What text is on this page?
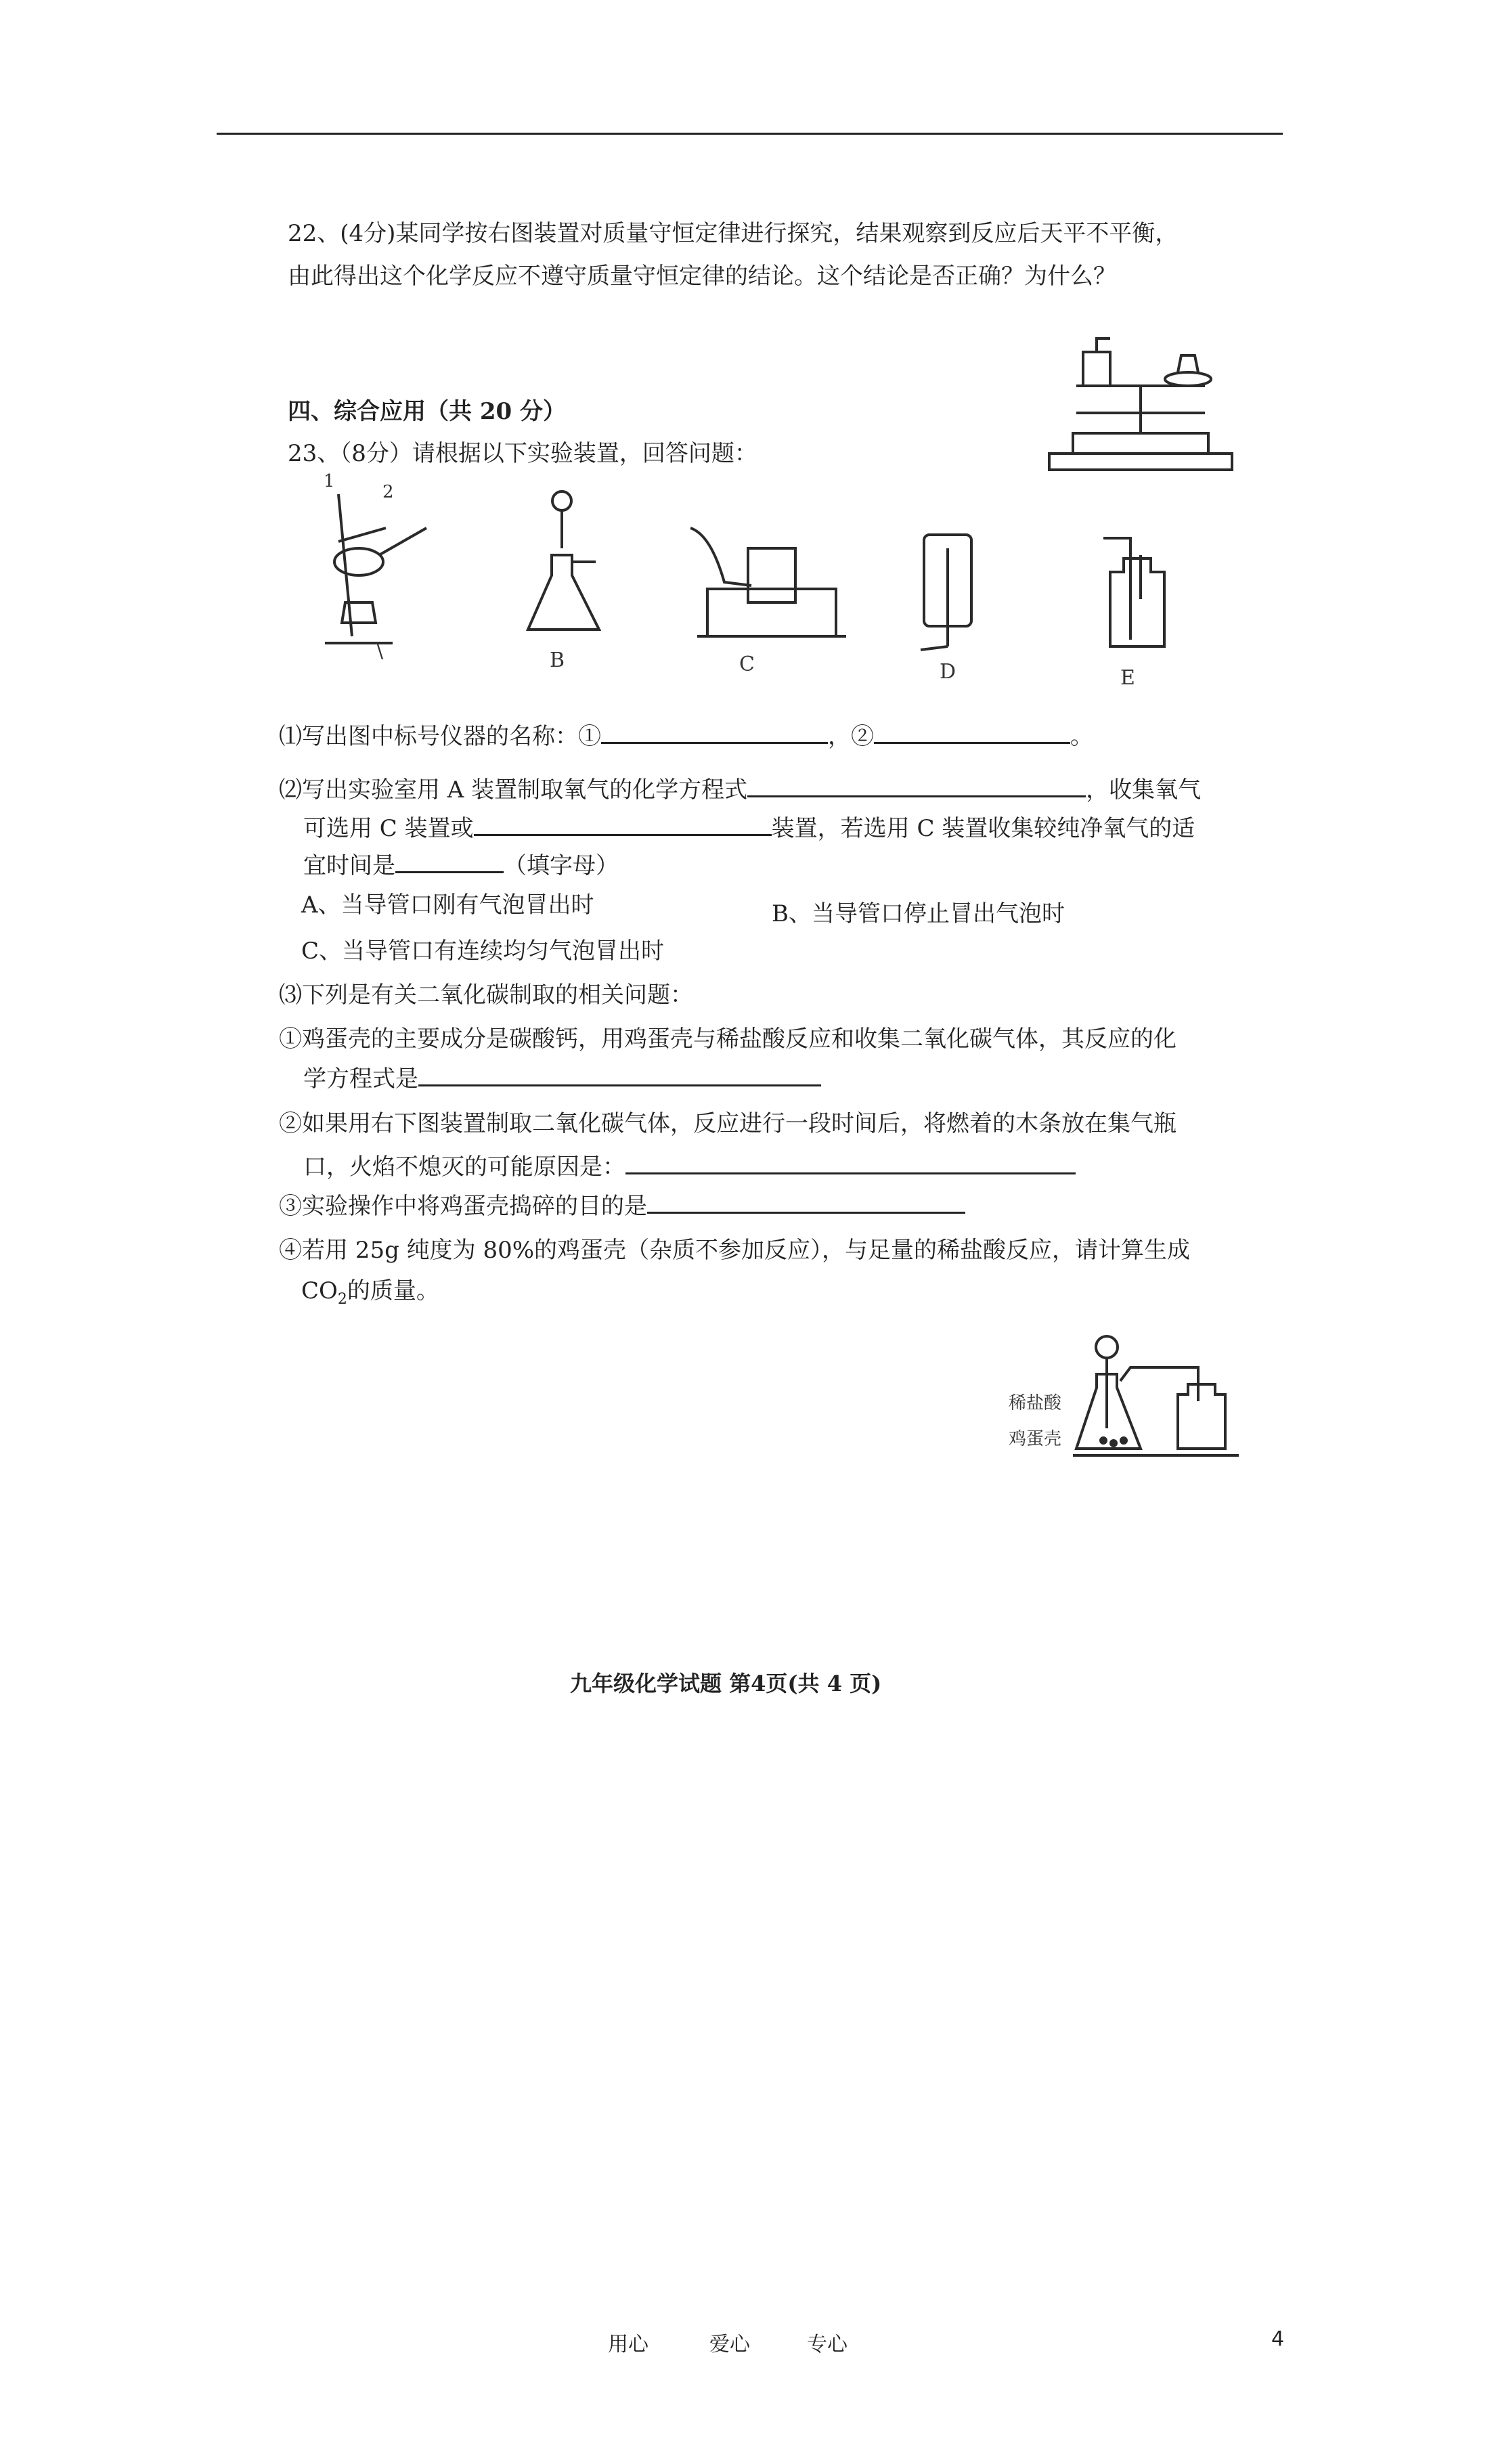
22、(4分)某同学按右图装置对质量守恒定律进行探究，结果观察到反应后天平不平衡，
由此得出这个化学反应不遵守质量守恒定律的结论。这个结论是否正确？为什么？
四、综合应用（共 20 分）
23、（8分）请根据以下实验装置，回答问题：
1
2
\	B	C	D	E
⑴写出图中标号仪器的名称：①	，②	。
⑵写出实验室用 A 装置制取氧气的化学方程式	，收集氧气
可选用 C 装置或	装置，若选用 C 装置收集较纯净氧气的适
宜时间是	（填字母）
A、当导管口刚有气泡冒出时	B、当导管口停止冒出气泡时
C、当导管口有连续均匀气泡冒出时
⑶下列是有关二氧化碳制取的相关问题：
①鸡蛋壳的主要成分是碳酸钙，用鸡蛋壳与稀盐酸反应和收集二氧化碳气体，其反应的化
学方程式是
②如果用右下图装置制取二氧化碳气体，反应进行一段时间后，将燃着的木条放在集气瓶
口，火焰不熄灭的可能原因是：
③实验操作中将鸡蛋壳捣碎的目的是
④若用 25g 纯度为 80%的鸡蛋壳（杂质不参加反应），与足量的稀盐酸反应，请计算生成
$CO_2$的质量。
稀盐酸
鸡蛋壳
九年级化学试题 第4页(共 4 页)
用心	爱心	专心	4
